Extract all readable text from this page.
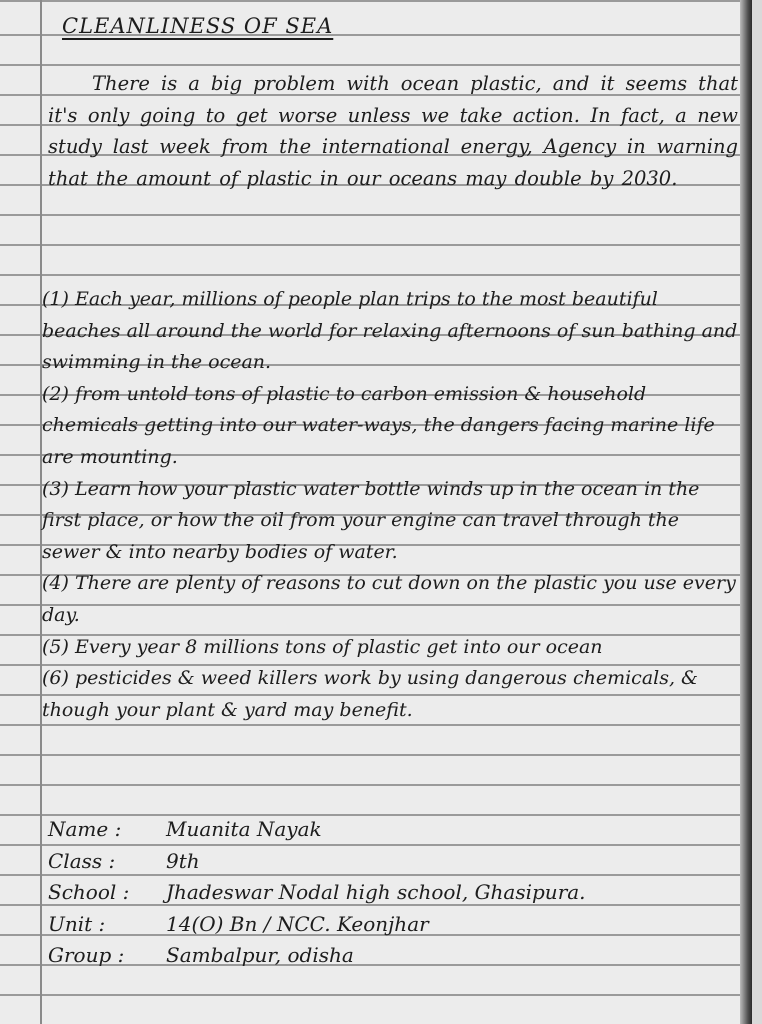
CLEANLINESS OF SEA
There is a big problem with ocean plastic, and it seems that it's only going to get worse unless we take action. In fact, a new study last week from the international energy, Agency in warning that the amount of plastic in our oceans may double by 2030.
(1) Each year, millions of people plan trips to the most beautiful beaches all around the world for relaxing afternoons of sun bathing and swimming in the ocean.
(2) from untold tons of plastic to carbon emission & household chemicals getting into our water-ways, the dangers facing marine life are mounting.
(3) Learn how your plastic water bottle winds up in the ocean in the first place, or how the oil from your engine can travel through the sewer & into nearby bodies of water.
(4) There are plenty of reasons to cut down on the plastic you use every day.
(5) Every year 8 millions tons of plastic get into our ocean
(6) pesticides & weed killers work by using dangerous chemicals, & though your plant & yard may benefit.
Name :	Muanita Nayak
Class :	9th
School :	Jhadeswar Nodal high school, Ghasipura.
Unit :	14(O) Bn / NCC. Keonjhar
Group :	Sambalpur, odisha
